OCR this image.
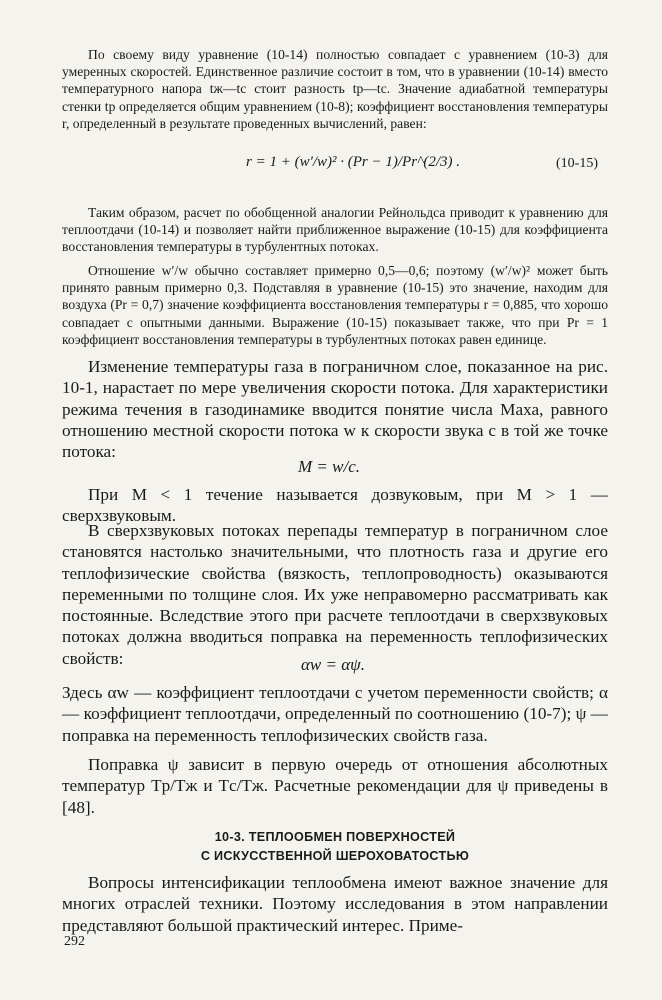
По своему виду уравнение (10-14) полностью совпадает с уравнением (10-3) для умеренных скоростей. Единственное различие состоит в том, что в уравнении (10-14) вместо температурного напора tж—tс стоит разность tр—tс. Значение адиабатной температуры стенки tр определяется общим уравнением (10-8); коэффициент восстановления температуры r, определенный в результате проведенных вычислений, равен:

r = 1 + (w′/w)² · (Pr − 1)/Pr^(2/3) .	(10-15)

Таким образом, расчет по обобщенной аналогии Рейнольдса приводит к уравнению для теплоотдачи (10-14) и позволяет найти приближенное выражение (10-15) для коэффициента восстановления температуры в турбулентных потоках.

Отношение w′/w обычно составляет примерно 0,5—0,6; поэтому (w′/w)² может быть принято равным примерно 0,3. Подставляя в уравнение (10-15) это значение, находим для воздуха (Pr = 0,7) значение коэффициента восстановления температуры r = 0,885, что хорошо совпадает с опытными данными. Выражение (10-15) показывает также, что при Pr = 1 коэффициент восстановления температуры в турбулентных потоках равен единице.

Изменение температуры газа в пограничном слое, показанное на рис. 10-1, нарастает по мере увеличения скорости потока. Для характеристики режима течения в газодинамике вводится понятие числа Маха, равного отношению местной скорости потока w к скорости звука c в той же точке потока:

M = w/c.

При M < 1 течение называется дозвуковым, при M > 1 — сверхзвуковым.

В сверхзвуковых потоках перепады температур в пограничном слое становятся настолько значительными, что плотность газа и другие его теплофизические свойства (вязкость, теплопроводность) оказываются переменными по толщине слоя. Их уже неправомерно рассматривать как постоянные. Вследствие этого при расчете теплоотдачи в сверхзвуковых потоках должна вводиться поправка на переменность теплофизических свойств:	αw = αψ.

Здесь αw — коэффициент теплоотдачи с учетом переменности свойств; α — коэффициент теплоотдачи, определенный по соотношению (10-7); ψ — поправка на переменность теплофизических свойств газа.

Поправка ψ зависит в первую очередь от отношения абсолютных температур Tр/Tж и Tс/Tж. Расчетные рекомендации для ψ приведены в [48].

10-3. ТЕПЛООБМЕН ПОВЕРХНОСТЕЙ
С ИСКУССТВЕННОЙ ШЕРОХОВАТОСТЬЮ

Вопросы интенсификации теплообмена имеют важное значение для многих отраслей техники. Поэтому исследования в этом направлении представляют большой практический интерес. Приме-

292
